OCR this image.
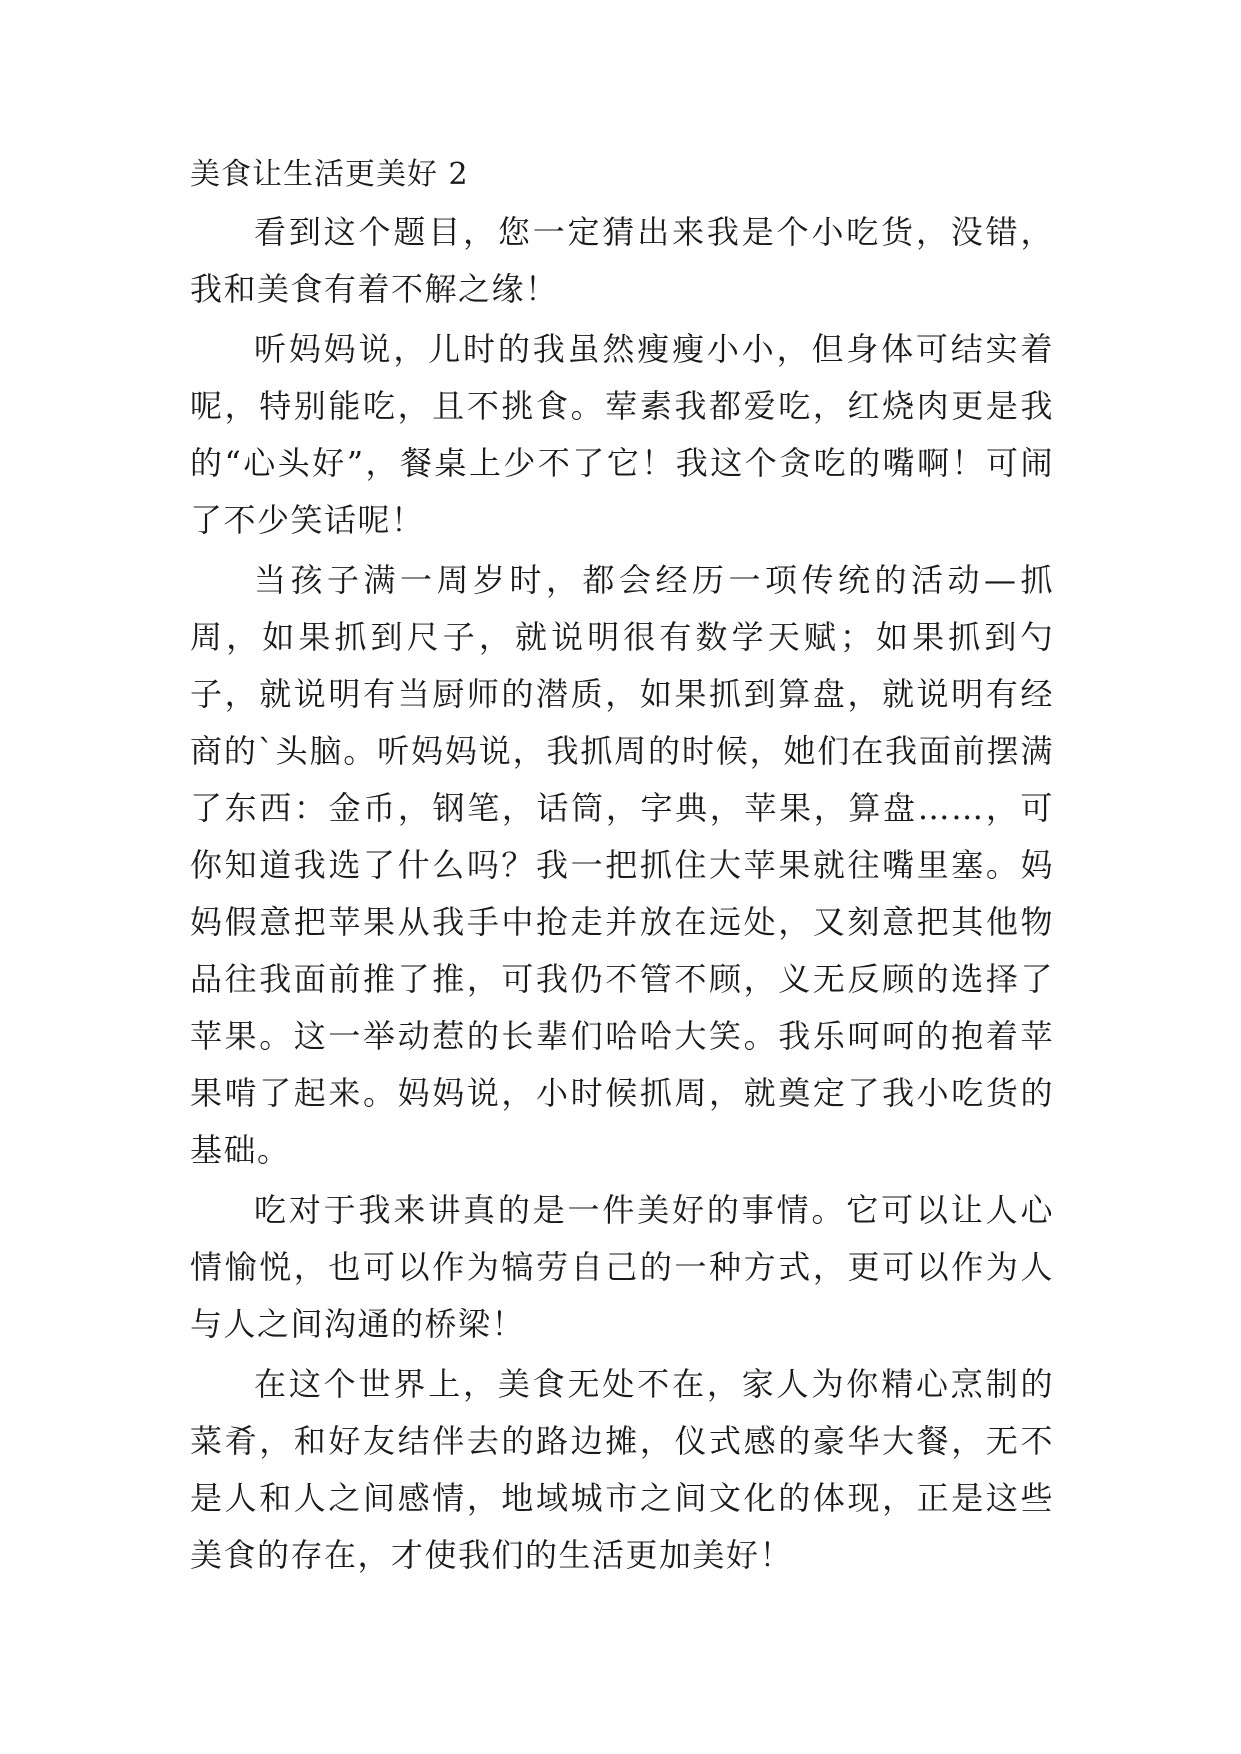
美食让生活更美好 2

看到这个题目，您一定猜出来我是个小吃货，没错，我和美食有着不解之缘！

听妈妈说，儿时的我虽然瘦瘦小小，但身体可结实着呢，特别能吃，且不挑食。荤素我都爱吃，红烧肉更是我的“心头好”，餐桌上少不了它！我这个贪吃的嘴啊！可闹了不少笑话呢！

当孩子满一周岁时，都会经历一项传统的活动—抓周，如果抓到尺子，就说明很有数学天赋；如果抓到勺子，就说明有当厨师的潜质，如果抓到算盘，就说明有经商的`头脑。听妈妈说，我抓周的时候，她们在我面前摆满了东西：金币，钢笔，话筒，字典，苹果，算盘……，可你知道我选了什么吗？我一把抓住大苹果就往嘴里塞。妈妈假意把苹果从我手中抢走并放在远处，又刻意把其他物品往我面前推了推，可我仍不管不顾，义无反顾的选择了苹果。这一举动惹的长辈们哈哈大笑。我乐呵呵的抱着苹果啃了起来。妈妈说，小时候抓周，就奠定了我小吃货的基础。

吃对于我来讲真的是一件美好的事情。它可以让人心情愉悦，也可以作为犒劳自己的一种方式，更可以作为人与人之间沟通的桥梁！

在这个世界上，美食无处不在，家人为你精心烹制的菜肴，和好友结伴去的路边摊，仪式感的豪华大餐，无不是人和人之间感情，地域城市之间文化的体现，正是这些美食的存在，才使我们的生活更加美好！
